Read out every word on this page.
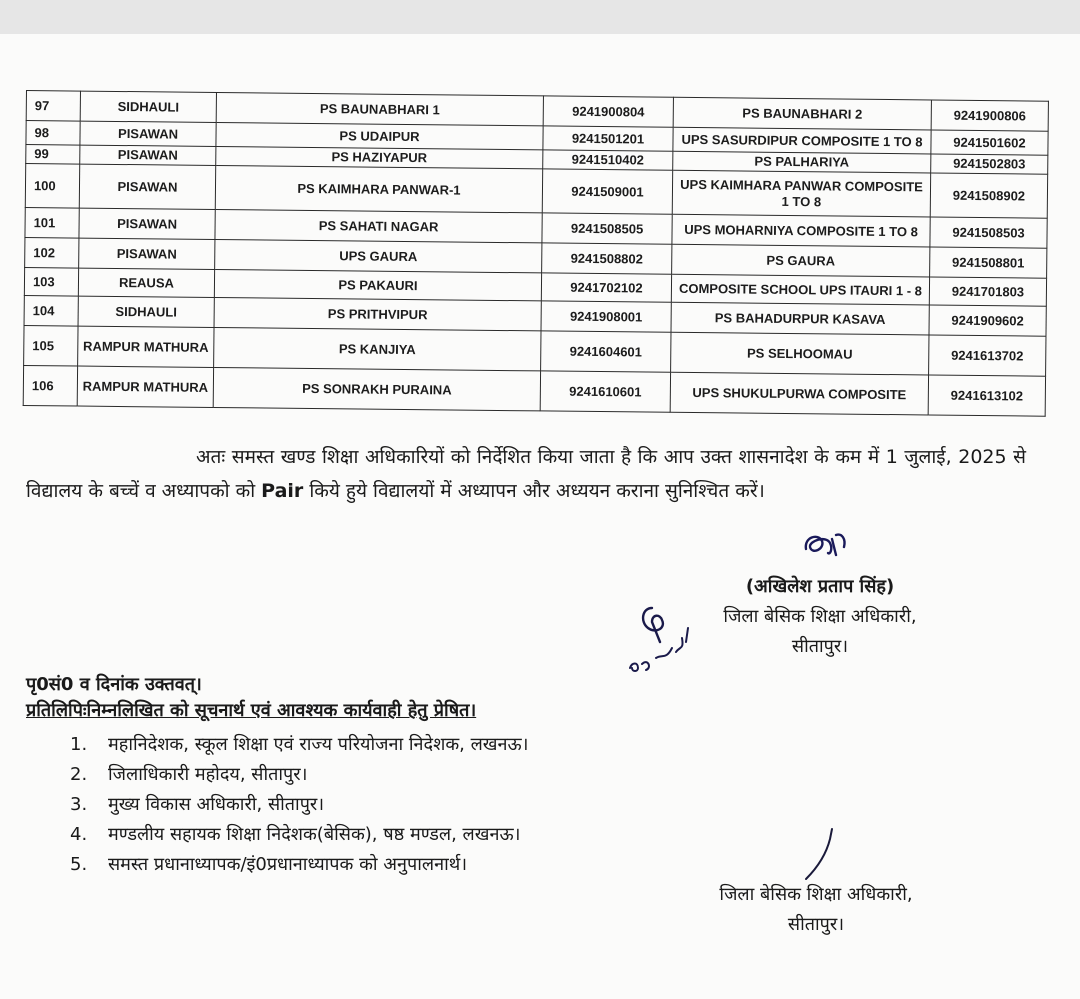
97	SIDHAULI	PS BAUNABHARI 1	9241900804	PS BAUNABHARI 2	9241900806
98	PISAWAN	PS UDAIPUR	9241501201	UPS SASURDIPUR COMPOSITE 1 TO 8	9241501602
99	PISAWAN	PS HAZIYAPUR	9241510402	PS PALHARIYA	9241502803
100	PISAWAN	PS KAIMHARA PANWAR-1	9241509001	UPS KAIMHARA PANWAR COMPOSITE 1 TO 8	9241508902
101	PISAWAN	PS SAHATI NAGAR	9241508505	UPS MOHARNIYA COMPOSITE 1 TO 8	9241508503
102	PISAWAN	UPS GAURA	9241508802	PS GAURA	9241508801
103	REAUSA	PS PAKAURI	9241702102	COMPOSITE SCHOOL UPS ITAURI 1 - 8	9241701803
104	SIDHAULI	PS PRITHVIPUR	9241908001	PS BAHADURPUR KASAVA	9241909602
105	RAMPUR MATHURA	PS KANJIYA	9241604601	PS SELHOOMAU	9241613702
106	RAMPUR MATHURA	PS SONRAKH PURAINA	9241610601	UPS SHUKULPURWA COMPOSITE	9241613102
अतः समस्त खण्ड शिक्षा अधिकारियों को निर्देशित किया जाता है कि आप उक्त शासनादेश के कम में 1 जुलाई, 2025 से विद्यालय के बच्चें व अध्यापको को Pair किये हुये विद्यालयों में अध्यापन और अध्ययन कराना सुनिश्चित करें।
(अखिलेश प्रताप सिंह)
जिला बेसिक शिक्षा अधिकारी,
सीतापुर।
पृ0सं0 व दिनांक उक्तवत्।
प्रतिलिपिःनिम्नलिखित को सूचनार्थ एवं आवश्यक कार्यवाही हेतु प्रेषित।
1. महानिदेशक, स्कूल शिक्षा एवं राज्य परियोजना निदेशक, लखनऊ।
2. जिलाधिकारी महोदय, सीतापुर।
3. मुख्य विकास अधिकारी, सीतापुर।
4. मण्डलीय सहायक शिक्षा निदेशक(बेसिक), षष्ठ मण्डल, लखनऊ।
5. समस्त प्रधानाध्यापक/इं0प्रधानाध्यापक को अनुपालनार्थ।
जिला बेसिक शिक्षा अधिकारी,
सीतापुर।
